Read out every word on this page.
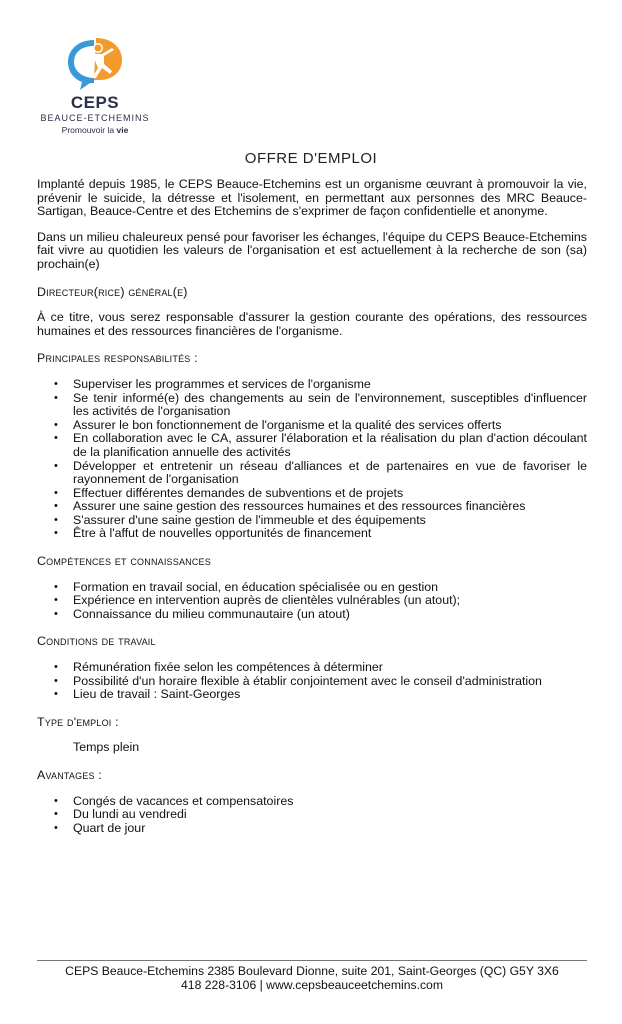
CEPS
BEAUCE-ETCHEMINS
Promouvoir la vie
OFFRE D'EMPLOI

Implanté depuis 1985, le CEPS Beauce-Etchemins est un organisme œuvrant à promouvoir la vie, prévenir le suicide, la détresse et l'isolement, en permettant aux personnes des MRC Beauce-Sartigan, Beauce-Centre et des Etchemins de s'exprimer de façon confidentielle et anonyme.

Dans un milieu chaleureux pensé pour favoriser les échanges, l'équipe du CEPS Beauce-Etchemins fait vivre au quotidien les valeurs de l'organisation et est actuellement à la recherche de son (sa) prochain(e)

Directeur(rice) général(e)

À ce titre, vous serez responsable d'assurer la gestion courante des opérations, des ressources humaines et des ressources financières de l'organisme.

Principales responsabilités :
• Superviser les programmes et services de l'organisme
• Se tenir informé(e) des changements au sein de l'environnement, susceptibles d'influencer les activités de l'organisation
• Assurer le bon fonctionnement de l'organisme et la qualité des services offerts
• En collaboration avec le CA, assurer l'élaboration et la réalisation du plan d'action découlant de la planification annuelle des activités
• Développer et entretenir un réseau d'alliances et de partenaires en vue de favoriser le rayonnement de l'organisation
• Effectuer différentes demandes de subventions et de projets
• Assurer une saine gestion des ressources humaines et des ressources financières
• S'assurer d'une saine gestion de l'immeuble et des équipements
• Être à l'affut de nouvelles opportunités de financement
Compétences et connaissances
• Formation en travail social, en éducation spécialisée ou en gestion
• Expérience en intervention auprès de clientèles vulnérables (un atout);
• Connaissance du milieu communautaire (un atout)
Conditions de travail
• Rémunération fixée selon les compétences à déterminer
• Possibilité d'un horaire flexible à établir conjointement avec le conseil d'administration
• Lieu de travail : Saint-Georges
Type d'emploi :

Temps plein

Avantages :
• Congés de vacances et compensatoires
• Du lundi au vendredi
• Quart de jour
CEPS Beauce-Etchemins 2385 Boulevard Dionne, suite 201, Saint-Georges (QC) G5Y 3X6
418 228-3106 | www.cepsbeauceetchemins.com
